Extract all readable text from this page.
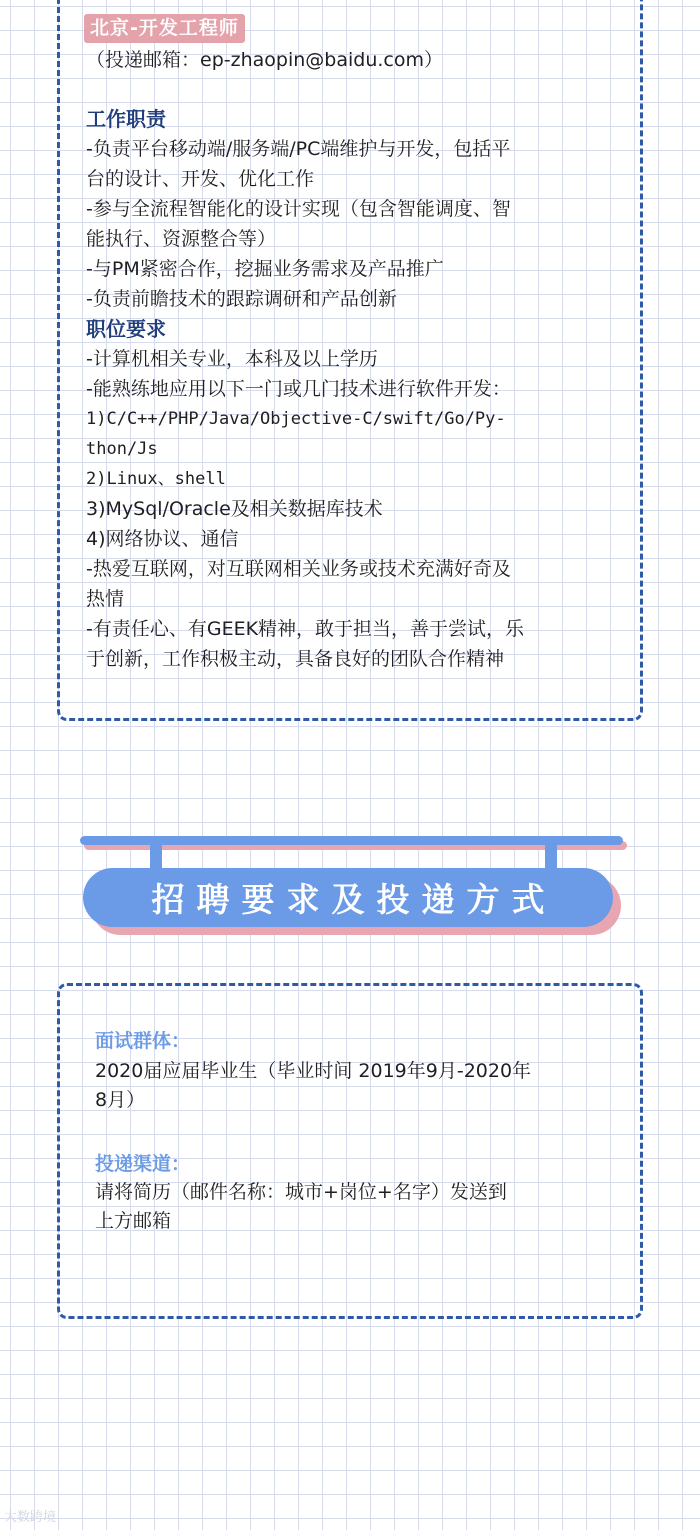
北京-开发工程师
（投递邮箱：ep-zhaopin@baidu.com）
工作职责
-负责平台移动端/服务端/PC端维护与开发，包括平
台的设计、开发、优化工作
-参与全流程智能化的设计实现（包含智能调度、智
能执行、资源整合等）
-与PM紧密合作，挖掘业务需求及产品推广
-负责前瞻技术的跟踪调研和产品创新
职位要求
-计算机相关专业，本科及以上学历
-能熟练地应用以下一门或几门技术进行软件开发：
1)C/C++/PHP/Java/Objective-C/swift/Go/Py-
thon/Js
2)Linux、shell
3)MySql/Oracle及相关数据库技术
4)网络协议、通信
-热爱互联网，对互联网相关业务或技术充满好奇及
热情
-有责任心、有GEEK精神，敢于担当，善于尝试，乐
于创新，工作积极主动，具备良好的团队合作精神
招聘要求及投递方式
面试群体：
2020届应届毕业生（毕业时间 2019年9月-2020年
8月）
投递渠道：
请将简历（邮件名称：城市+岗位+名字）发送到
上方邮箱
大数跨境
